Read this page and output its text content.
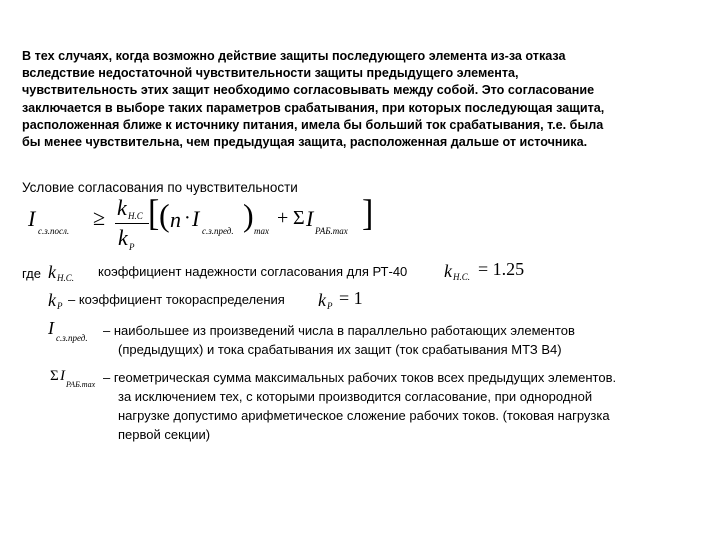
В тех случаях, когда возможно действие защиты последующего элемента из-за отказа
вследствие недостаточной чувствительности защиты предыдущего элемента,
чувствительность этих защит необходимо согласовывать между собой. Это согласование
заключается в выборе таких параметров срабатывания, при которых последующая защита,
расположенная ближе к источнику питания, имела бы больший ток срабатывания, т.е. была
бы менее чувствительна, чем предыдущая защита, расположенная дальше от источника.
Условие согласования по чувствительности
I с.з.посл.
≥ k Н.С
k Р
[ ( n · I с.з.пред. ) max
+ Σ I РАБ.max ]
где k Н.С. коэффициент надежности согласования для РТ-40 k Н.С. = 1.25
k Р – коэффициент токораспределения k Р = 1
I с.з.пред. – наибольшее из произведений числа в параллельно работающих элементов
(предыдущих) и тока срабатывания их защит (ток срабатывания МТЗ В4)
Σ I
РАБ.max – геометрическая сумма максимальных рабочих токов всех предыдущих элементов.
за исключением тех, с которыми производится согласование, при однородной
нагрузке допустимо арифметическое сложение рабочих токов. (токовая нагрузка
первой секции)
